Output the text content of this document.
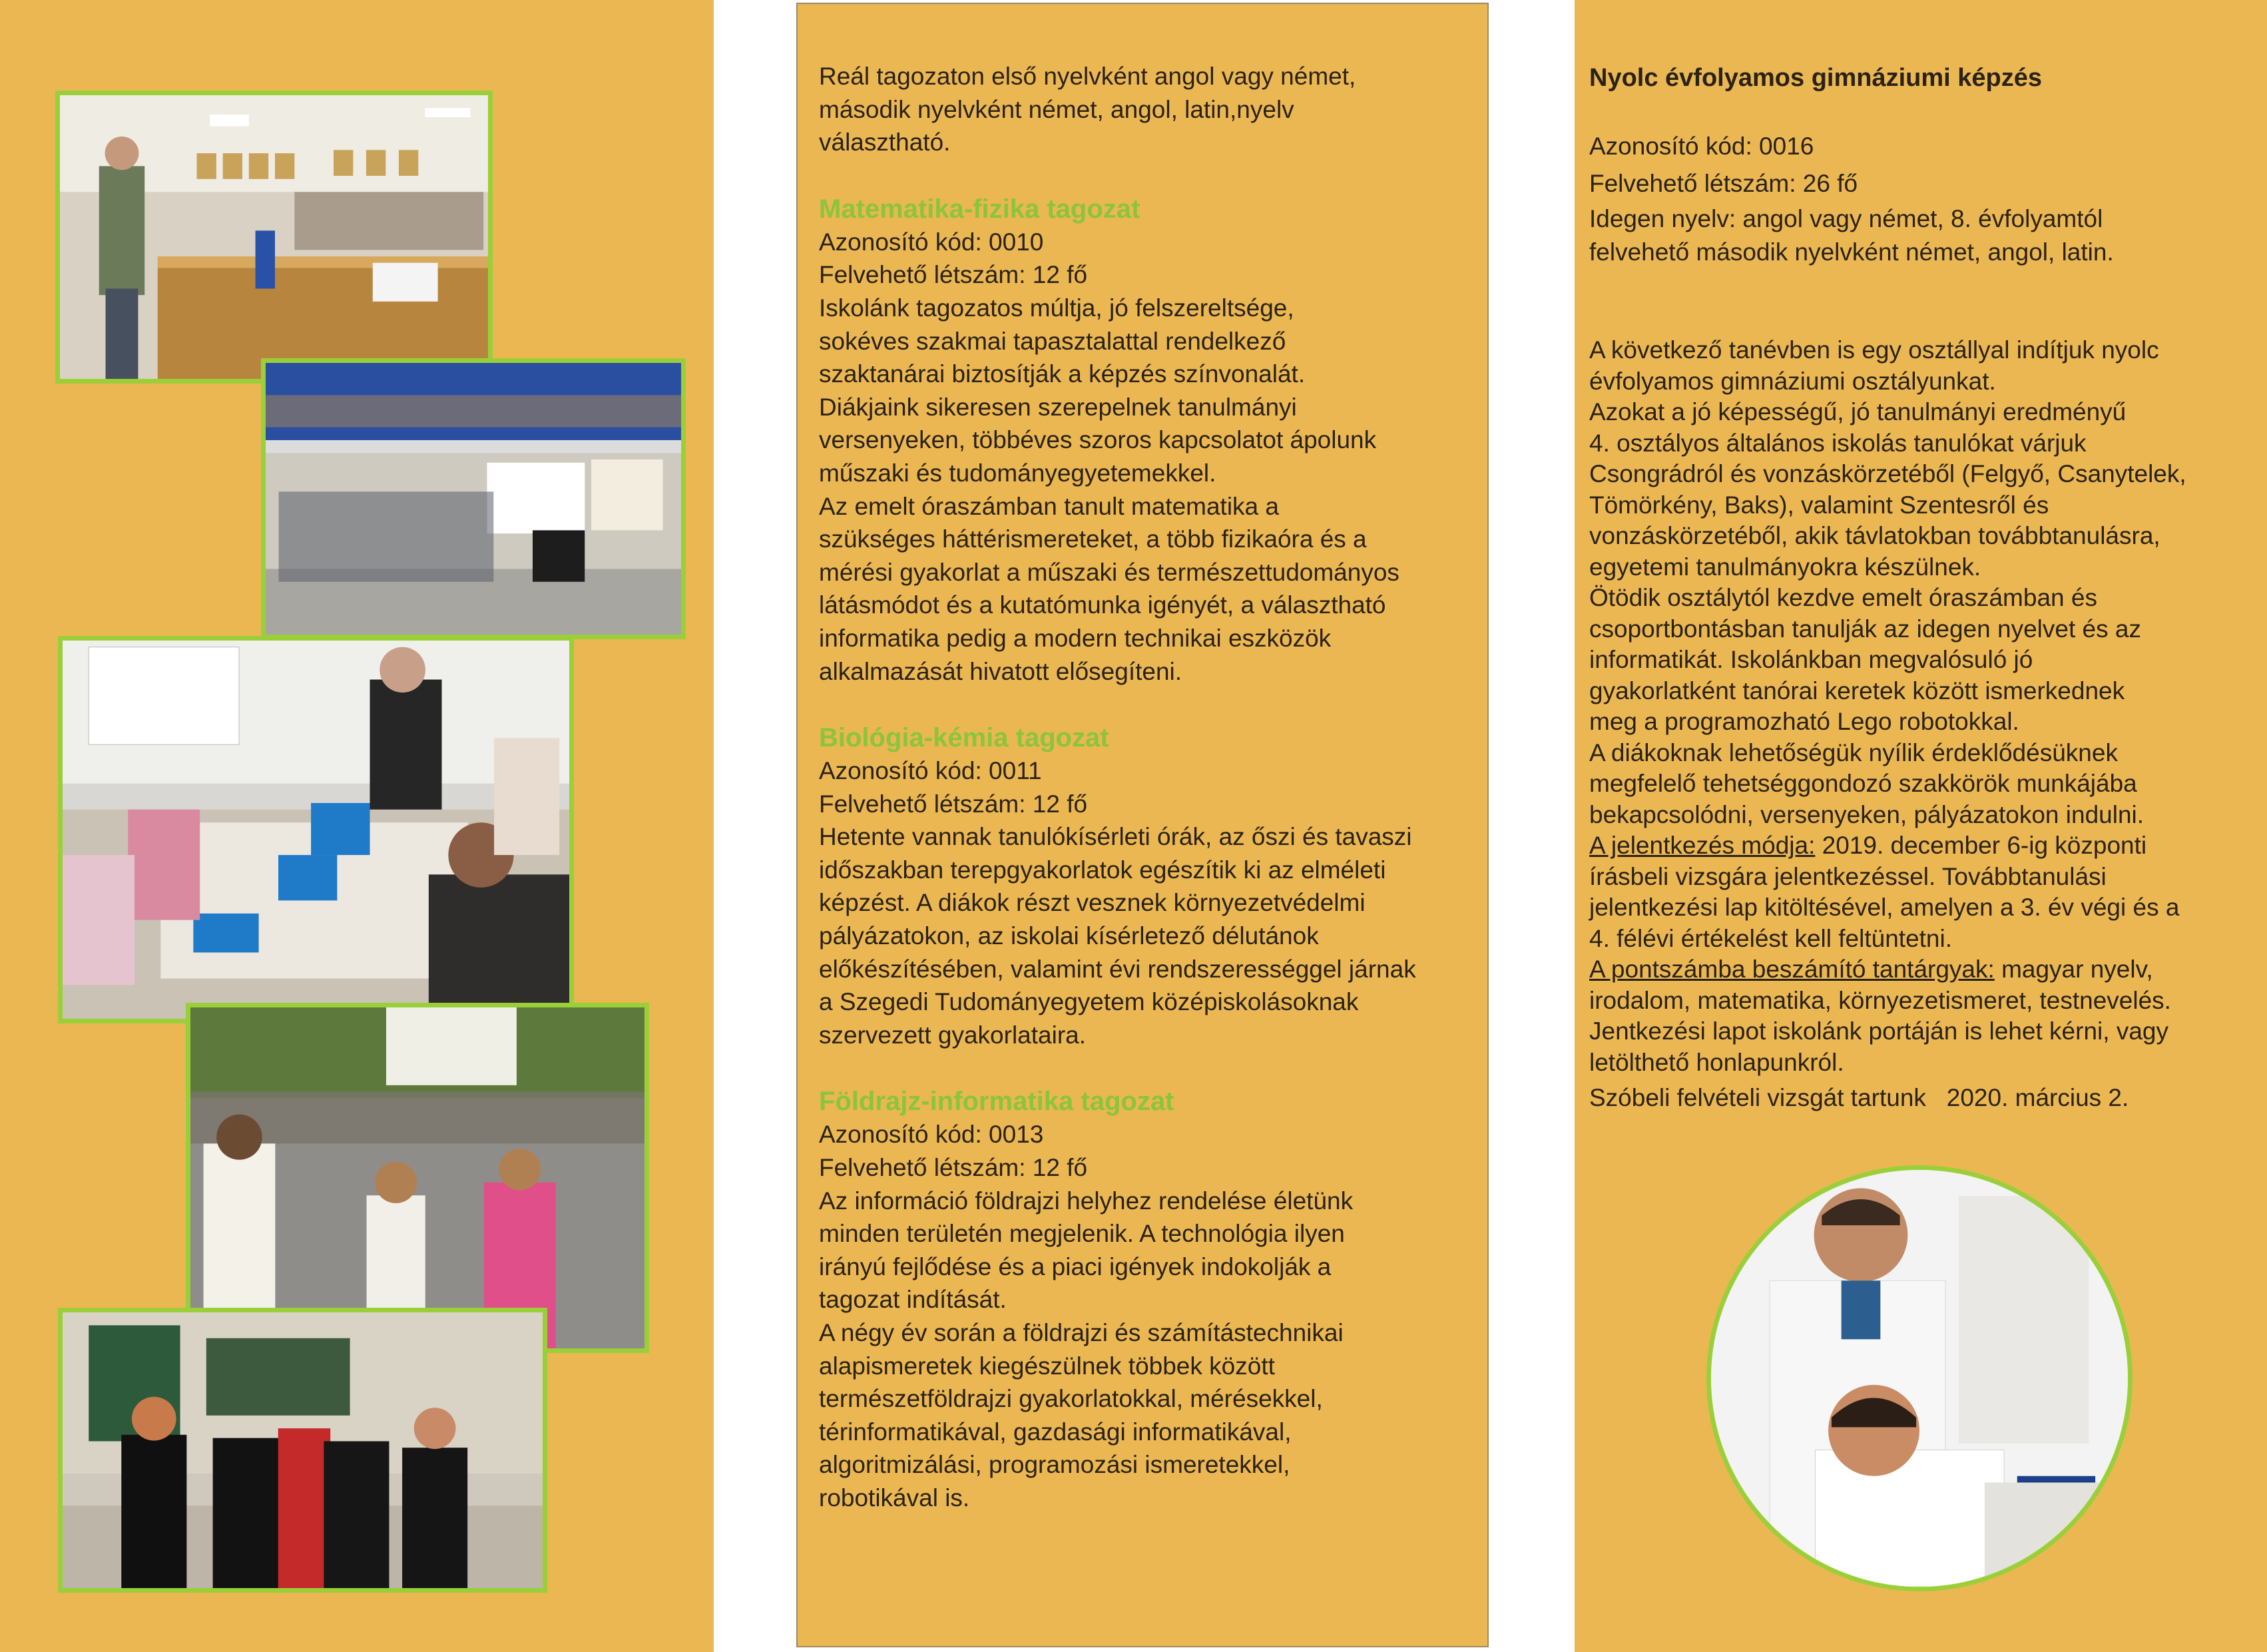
Reál tagozaton első nyelvként angol vagy német,

második nyelvként német, angol, latin,nyelv

választható.

Matematika-fizika tagozat

Azonosító kód: 0010

Felvehető létszám: 12 fő

Iskolánk tagozatos múltja, jó felszereltsége,

sokéves szakmai tapasztalattal rendelkező

szaktanárai biztosítják a képzés színvonalát.

Diákjaink sikeresen szerepelnek tanulmányi

versenyeken, többéves szoros kapcsolatot ápolunk

műszaki és tudományegyetemekkel.

Az emelt óraszámban tanult matematika a

szükséges háttérismereteket, a több fizikaóra és a

mérési gyakorlat a műszaki és természettudományos

látásmódot és a kutatómunka igényét, a választható

informatika pedig a modern technikai eszközök

alkalmazását hivatott elősegíteni.

Biológia-kémia tagozat

Azonosító kód: 0011

Felvehető létszám: 12 fő

Hetente vannak tanulókísérleti órák, az őszi és tavaszi

időszakban terepgyakorlatok egészítik ki az elméleti

képzést. A diákok részt vesznek környezetvédelmi

pályázatokon, az iskolai kísérletező délutánok

előkészítésében, valamint évi rendszerességgel járnak

a Szegedi Tudományegyetem középiskolásoknak

szervezett gyakorlataira.

Földrajz-informatika tagozat

Azonosító kód: 0013

Felvehető létszám: 12 fő

Az információ földrajzi helyhez rendelése életünk

minden területén megjelenik. A technológia ilyen

irányú fejlődése és a piaci igények indokolják a

tagozat indítását.

A négy év során a földrajzi és számítástechnikai

alapismeretek kiegészülnek többek között

természetföldrajzi gyakorlatokkal, mérésekkel,

térinformatikával, gazdasági informatikával,

algoritmizálási, programozási ismeretekkel,

robotikával is.

Nyolc évfolyamos gimnáziumi képzés

Azonosító kód: 0016

Felvehető létszám: 26 fő

Idegen nyelv: angol vagy német, 8. évfolyamtól

felvehető második nyelvként német, angol, latin.

A következő tanévben is egy osztállyal indítjuk nyolc

évfolyamos gimnáziumi osztályunkat.

Azokat a jó képességű, jó tanulmányi eredményű

4. osztályos általános iskolás tanulókat várjuk

Csongrádról és vonzáskörzetéből (Felgyő, Csanytelek,

Tömörkény, Baks), valamint Szentesről és

vonzáskörzetéből, akik távlatokban továbbtanulásra,

egyetemi tanulmányokra készülnek.

Ötödik osztálytól kezdve emelt óraszámban és

csoportbontásban tanulják az idegen nyelvet és az

informatikát. Iskolánkban megvalósuló jó

gyakorlatként tanórai keretek között ismerkednek

meg a programozható Lego robotokkal.

A diákoknak lehetőségük nyílik érdeklődésüknek

megfelelő tehetséggondozó szakkörök munkájába

bekapcsolódni, versenyeken, pályázatokon indulni.

A jelentkezés módja: 2019. december 6-ig központi

írásbeli vizsgára jelentkezéssel. Továbbtanulási

jelentkezési lap kitöltésével, amelyen a 3. év végi és a

4. félévi értékelést kell feltüntetni.

A pontszámba beszámító tantárgyak: magyar nyelv,

irodalom, matematika, környezetismeret, testnevelés.

Jentkezési lapot iskolánk portáján is lehet kérni, vagy

letölthető honlapunkról.

Szóbeli felvételi vizsgát tartunk   2020. március 2.
